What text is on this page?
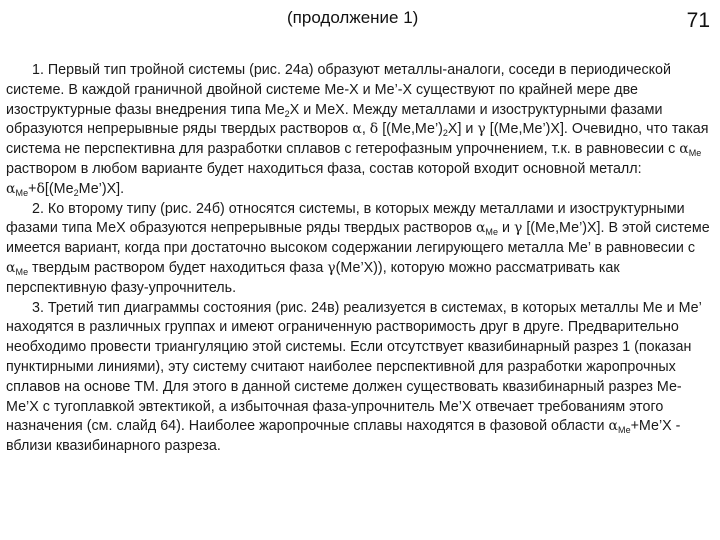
(продолжение 1)	71

1. Первый тип тройной системы (рис. 24а) образуют металлы-аналоги, соседи в периодической системе. В каждой граничной двойной системе Ме-Х и Ме’-Х существуют по крайней мере две изоструктурные фазы внедрения типа $Ме_2Х$ и МеХ. Между металлами и изоструктурными фазами образуются непрерывные ряды твердых растворов α, δ $[(Ме,Ме’)_2Х]$ и γ [(Ме,Ме’)Х]. Очевидно, что такая система не перспективна для разработки сплавов с гетерофазным упрочнением, т.к. в равновесии с $\alpha_{Ме}$ раствором в любом варианте будет находиться фаза, состав которой входит основной металл: $\alpha_{Ме}+\delta[(Ме_2Ме’)Х]$.

2. Ко второму типу (рис. 24б) относятся системы, в которых между металлами и изоструктурными фазами типа МеХ образуются непрерывные ряды твердых растворов $\alpha_{Ме}$ и γ [(Ме,Ме’)Х]. В этой системе имеется вариант, когда при достаточно высоком содержании легирующего металла Ме’ в равновесии с $\alpha_{Ме}$ твердым раствором будет находиться фаза γ(Ме’Х)), которую можно рассматривать как перспективную фазу-упрочнитель.

3. Третий тип диаграммы состояния (рис. 24в) реализуется в системах, в которых металлы Ме и Ме’ находятся в различных группах и имеют ограниченную растворимость друг в друге. Предварительно необходимо провести триангуляцию этой системы. Если отсутствует квазибинарный разрез 1 (показан пунктирными линиями), эту систему считают наиболее перспективной для разработки жаропрочных сплавов на основе ТМ. Для этого в данной системе должен существовать квазибинарный разрез Ме-Ме’Х с тугоплавкой эвтектикой, а избыточная фаза-упрочнитель Ме’Х отвечает требованиям этого назначения (см. слайд 64). Наиболее жаропрочные сплавы находятся в фазовой области $\alpha_{Ме}+Ме’Х$ - вблизи квазибинарного разреза.
